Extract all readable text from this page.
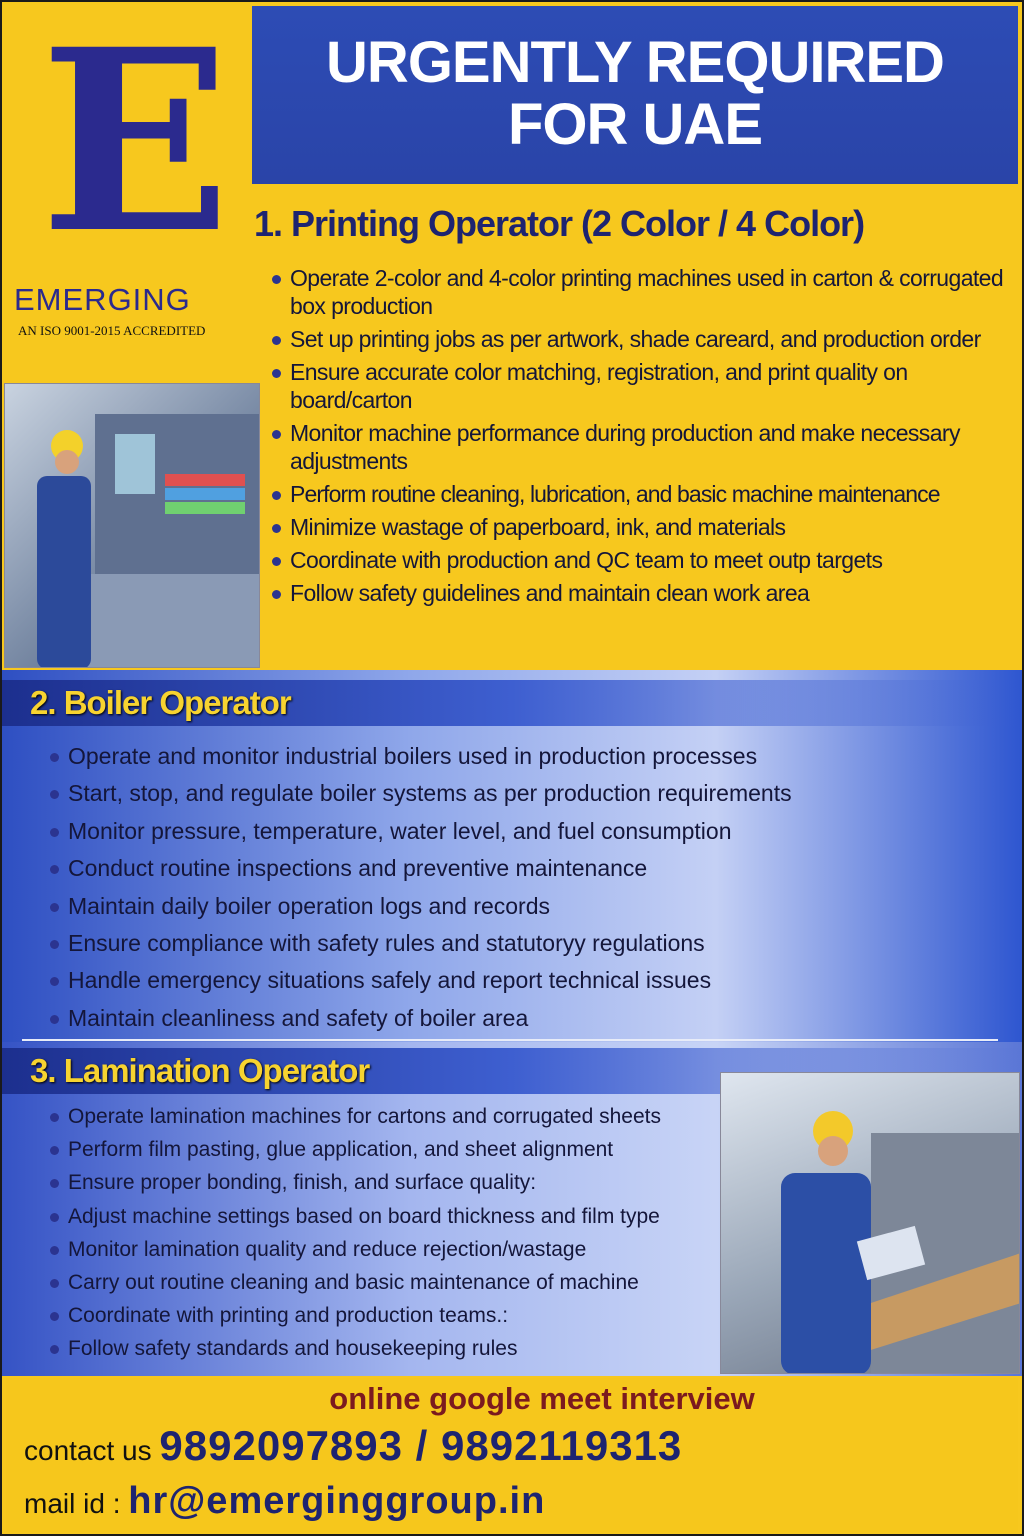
E
EMERGING
AN ISO 9001-2015 ACCREDITED
URGENTLY REQUIRED
FOR UAE
1. Printing Operator (2 Color / 4 Color)
Operate 2-color and 4-color printing machines used in carton & corrugated box production
Set up printing jobs as per artwork, shade careard, and production order
Ensure accurate color matching, registration, and print quality on board/carton
Monitor machine performance during production and make necessary adjustments
Perform routine cleaning, lubrication, and basic machine maintenance
Minimize wastage of paperboard, ink, and materials
Coordinate with production and QC team to meet outp targets
Follow safety guidelines and maintain clean work area
2. Boiler Operator
Operate and monitor industrial boilers used in production processes
Start, stop, and regulate boiler systems as per production requirements
Monitor pressure, temperature, water level, and fuel consumption
Conduct routine inspections and preventive maintenance
Maintain daily boiler operation logs and records
Ensure compliance with safety rules and statutoryy regulations
Handle emergency situations safely and report technical issues
Maintain cleanliness and safety of boiler area
3. Lamination Operator
Operate lamination machines for cartons and corrugated sheets
Perform film pasting, glue application, and sheet alignment
Ensure proper bonding, finish, and surface quality:
Adjust machine settings based on board thickness and film type
Monitor lamination quality and reduce rejection/wastage
Carry out routine cleaning and basic maintenance of machine
Coordinate with printing and production teams.:
Follow safety standards and housekeeping rules
online google meet interview
contact us 9892097893 / 9892119313
mail id : hr@emerginggroup.in
